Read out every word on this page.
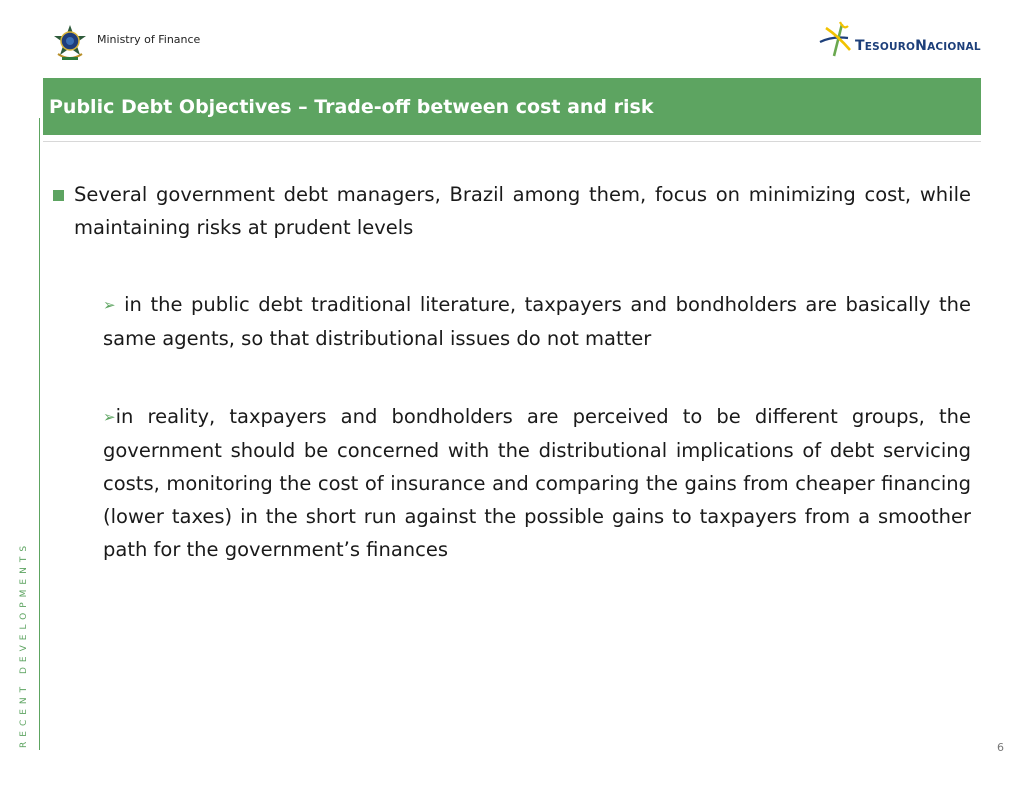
Ministry of Finance	TESOURONACIONAL
Public Debt Objectives – Trade-off between cost and risk
RECENT DEVELOPMENTS
Several government debt managers, Brazil among them, focus on minimizing cost, while maintaining risks at prudent levels
➢ in the public debt traditional literature, taxpayers and bondholders are basically the same agents, so that distributional issues do not matter
➢in reality, taxpayers and bondholders are perceived to be different groups, the government should be concerned with the distributional implications of debt servicing costs, monitoring the cost of insurance and comparing the gains from cheaper financing (lower taxes) in the short run against the possible gains to taxpayers from a smoother path for the government’s finances
6
